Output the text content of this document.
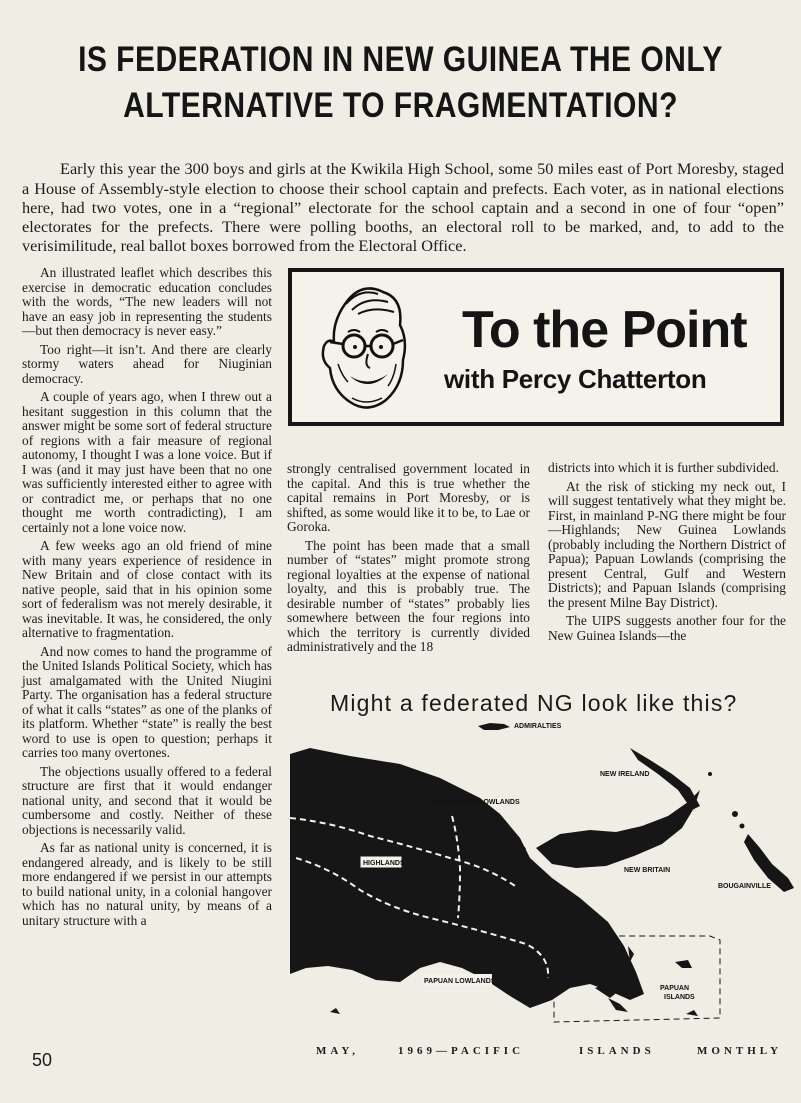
IS FEDERATION IN NEW GUINEA THE ONLY
ALTERNATIVE TO FRAGMENTATION?

Early this year the 300 boys and girls at the Kwikila High School, some 50 miles east of Port Moresby, staged a House of Assembly-style election to choose their school captain and prefects. Each voter, as in national elections here, had two votes, one in a “regional” electorate for the school captain and a second in one of four “open” electorates for the prefects. There were polling booths, an electoral roll to be marked, and, to add to the verisimilitude, real ballot boxes borrowed from the Electoral Office.

An illustrated leaflet which describes this exercise in democratic education concludes with the words, “The new leaders will not have an easy job in representing the students —but then democracy is never easy.”

Too right—it isn’t. And there are clearly stormy waters ahead for Niuginian democracy.

A couple of years ago, when I threw out a hesitant suggestion in this column that the answer might be some sort of federal structure of regions with a fair measure of regional autonomy, I thought I was a lone voice. But if I was (and it may just have been that no one was sufficiently interested either to agree with or contradict me, or perhaps that no one thought me worth contradicting), I am certainly not a lone voice now.

A few weeks ago an old friend of mine with many years experience of residence in New Britain and of close contact with its native people, said that in his opinion some sort of federalism was not merely desirable, it was inevitable. It was, he considered, the only alternative to fragmentation.

And now comes to hand the programme of the United Islands Political Society, which has just amalgamated with the United Niugini Party. The organisation has a federal structure of what it calls “states” as one of the planks of its platform. Whether “state” is really the best word to use is open to question; perhaps it carries too many overtones.

The objections usually offered to a federal structure are first that it would endanger national unity, and second that it would be cumbersome and costly. Neither of these objections is necessarily valid.

As far as national unity is concerned, it is endangered already, and is likely to be still more endangered if we persist in our attempts to build national unity, in a colonial hangover which has no natural unity, by means of a unitary structure with a

To the Point
with Percy Chatterton

strongly centralised government located in the capital. And this is true whether the capital remains in Port Moresby, or is shifted, as some would like it to be, to Lae or Goroka.

The point has been made that a small number of “states” might promote strong regional loyalties at the expense of national loyalty, and this is probably true. The desirable number of “states” probably lies somewhere between the four regions into which the territory is currently divided administratively and the 18

districts into which it is further subdivided.

At the risk of sticking my neck out, I will suggest tentatively what they might be. First, in mainland P-NG there might be four—Highlands; New Guinea Lowlands (probably including the Northern District of Papua); Papuan Lowlands (comprising the present Central, Gulf and Western Districts); and Papuan Islands (comprising the present Milne Bay District).

The UIPS suggests another four for the New Guinea Islands—the

Might a federated NG look like this?
ADMIRALTIES
NEW IRELAND
NEW GUINEA LOWLANDS
HIGHLANDS
NEW BRITAIN
BOUGAINVILLE
PAPUAN LOWLANDS
PAPUAN
ISLANDS
MAY,	1969—PACIFIC	ISLANDS	MONTHLY
50
